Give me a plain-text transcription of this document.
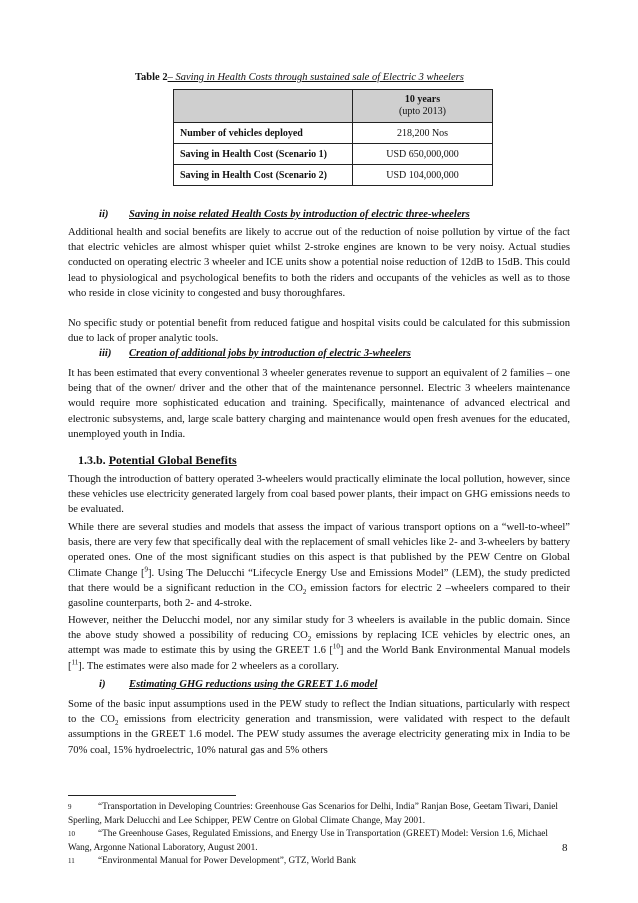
Table 2– Saving in Health Costs through sustained sale of Electric 3 wheelers

	10 years
(upto 2013)
Number of vehicles deployed	218,200 Nos
Saving in Health Cost (Scenario 1)	USD 650,000,000
Saving in Health Cost (Scenario 2)	USD 104,000,000
ii) Saving in noise related Health Costs by introduction of electric three-wheelers

Additional health and social benefits are likely to accrue out of the reduction of noise pollution by virtue of the fact that electric vehicles are almost whisper quiet whilst 2-stroke engines are known to be very noisy. Actual studies conducted on operating electric 3 wheeler and ICE units show a potential noise reduction of 12dB to 15dB. This could lead to physiological and psychological benefits to both the riders and occupants of the vehicles as well as to those who reside in close vicinity to congested and busy thoroughfares.

No specific study or potential benefit from reduced fatigue and hospital visits could be calculated for this submission due to lack of proper analytic tools.

iii) Creation of additional jobs by introduction of electric 3-wheelers

It has been estimated that every conventional 3 wheeler generates revenue to support an equivalent of 2 families – one being that of the owner/ driver and the other that of the maintenance personnel. Electric 3 wheelers maintenance would require more sophisticated education and training. Specifically, maintenance of advanced electrical and electronic subsystems, and, large scale battery charging and maintenance would open fresh avenues for the educated, unemployed youth in India.

1.3.b. Potential Global Benefits

Though the introduction of battery operated 3-wheelers would practically eliminate the local pollution, however, since these vehicles use electricity generated largely from coal based power plants, their impact on GHG emissions needs to be evaluated.

While there are several studies and models that assess the impact of various transport options on a “well-to-wheel” basis, there are very few that specifically deal with the replacement of small vehicles like 2- and 3-wheelers by battery operated ones. One of the most significant studies on this aspect is that published by the PEW Centre on Global Climate Change [$^9$]. Using The Delucchi “Lifecycle Energy Use and Emissions Model” (LEM), the study predicted that there would be a significant reduction in the $CO_2$ emission factors for electric 2 –wheelers compared to their gasoline counterparts, both 2- and 4-stroke.

However, neither the Delucchi model, nor any similar study for 3 wheelers is available in the public domain. Since the above study showed a possibility of reducing $CO_2$ emissions by replacing ICE vehicles by electric ones, an attempt was made to estimate this by using the GREET 1.6 [$^{10}$] and the World Bank Environmental Manual models [$^{11}$]. The estimates were also made for 2 wheelers as a corollary.

i) Estimating GHG reductions using the GREET 1.6 model

Some of the basic input assumptions used in the PEW study to reflect the Indian situations, particularly with respect to the $CO_2$ emissions from electricity generation and transmission, were validated with respect to the default assumptions in the GREET 1.6 model. The PEW study assumes the average electricity generating mix in India to be 70% coal, 15% hydroelectric, 10% natural gas and 5% others

9	“Transportation in Developing Countries: Greenhouse Gas Scenarios for Delhi, India” Ranjan Bose, Geetam Tiwari, Daniel Sperling, Mark Delucchi and Lee Schipper, PEW Centre on Global Climate Change, May 2001.
10 “The Greenhouse Gases, Regulated Emissions, and Energy Use in Transportation (GREET) Model: Version 1.6, Michael Wang, Argonne National Laboratory, August 2001.
11	“Environmental Manual for Power Development”, GTZ, World Bank
8
